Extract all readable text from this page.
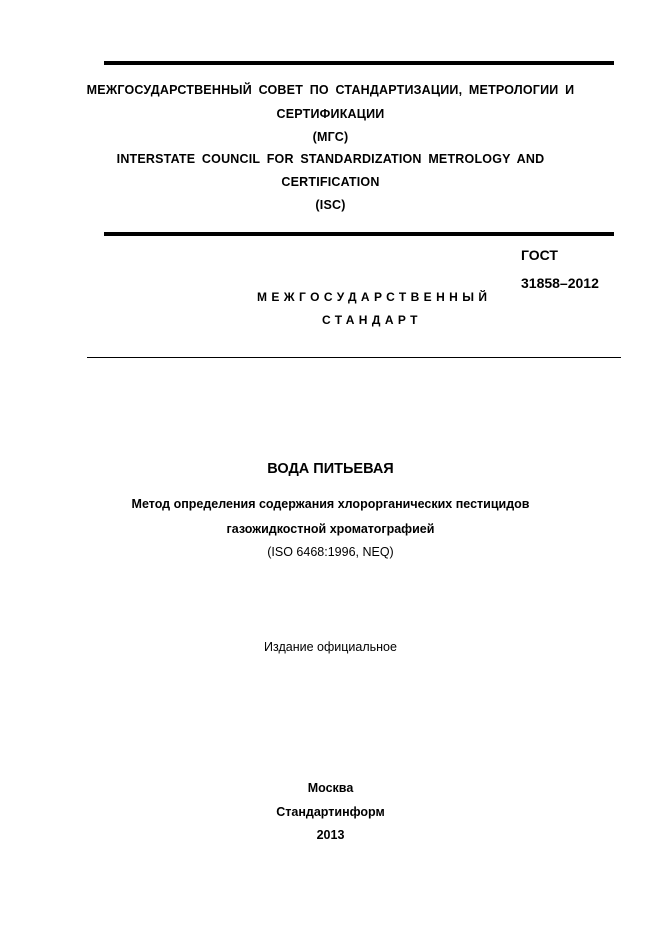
МЕЖГОСУДАРСТВЕННЫЙ СОВЕТ ПО СТАНДАРТИЗАЦИИ, МЕТРОЛОГИИ И
СЕРТИФИКАЦИИ
(МГС)
INTERSTATE COUNCIL FOR STANDARDIZATION METROLOGY AND
CERTIFICATION
(ISC)
ГОСТ
31858–2012
МЕЖГОСУДАРСТВЕННЫЙ
СТАНДАРТ
ВОДА ПИТЬЕВАЯ
Метод определения содержания хлорорганических пестицидов
газожидкостной хроматографией
(ISO 6468:1996, NEQ)
Издание официальное
Москва
Стандартинформ
2013
